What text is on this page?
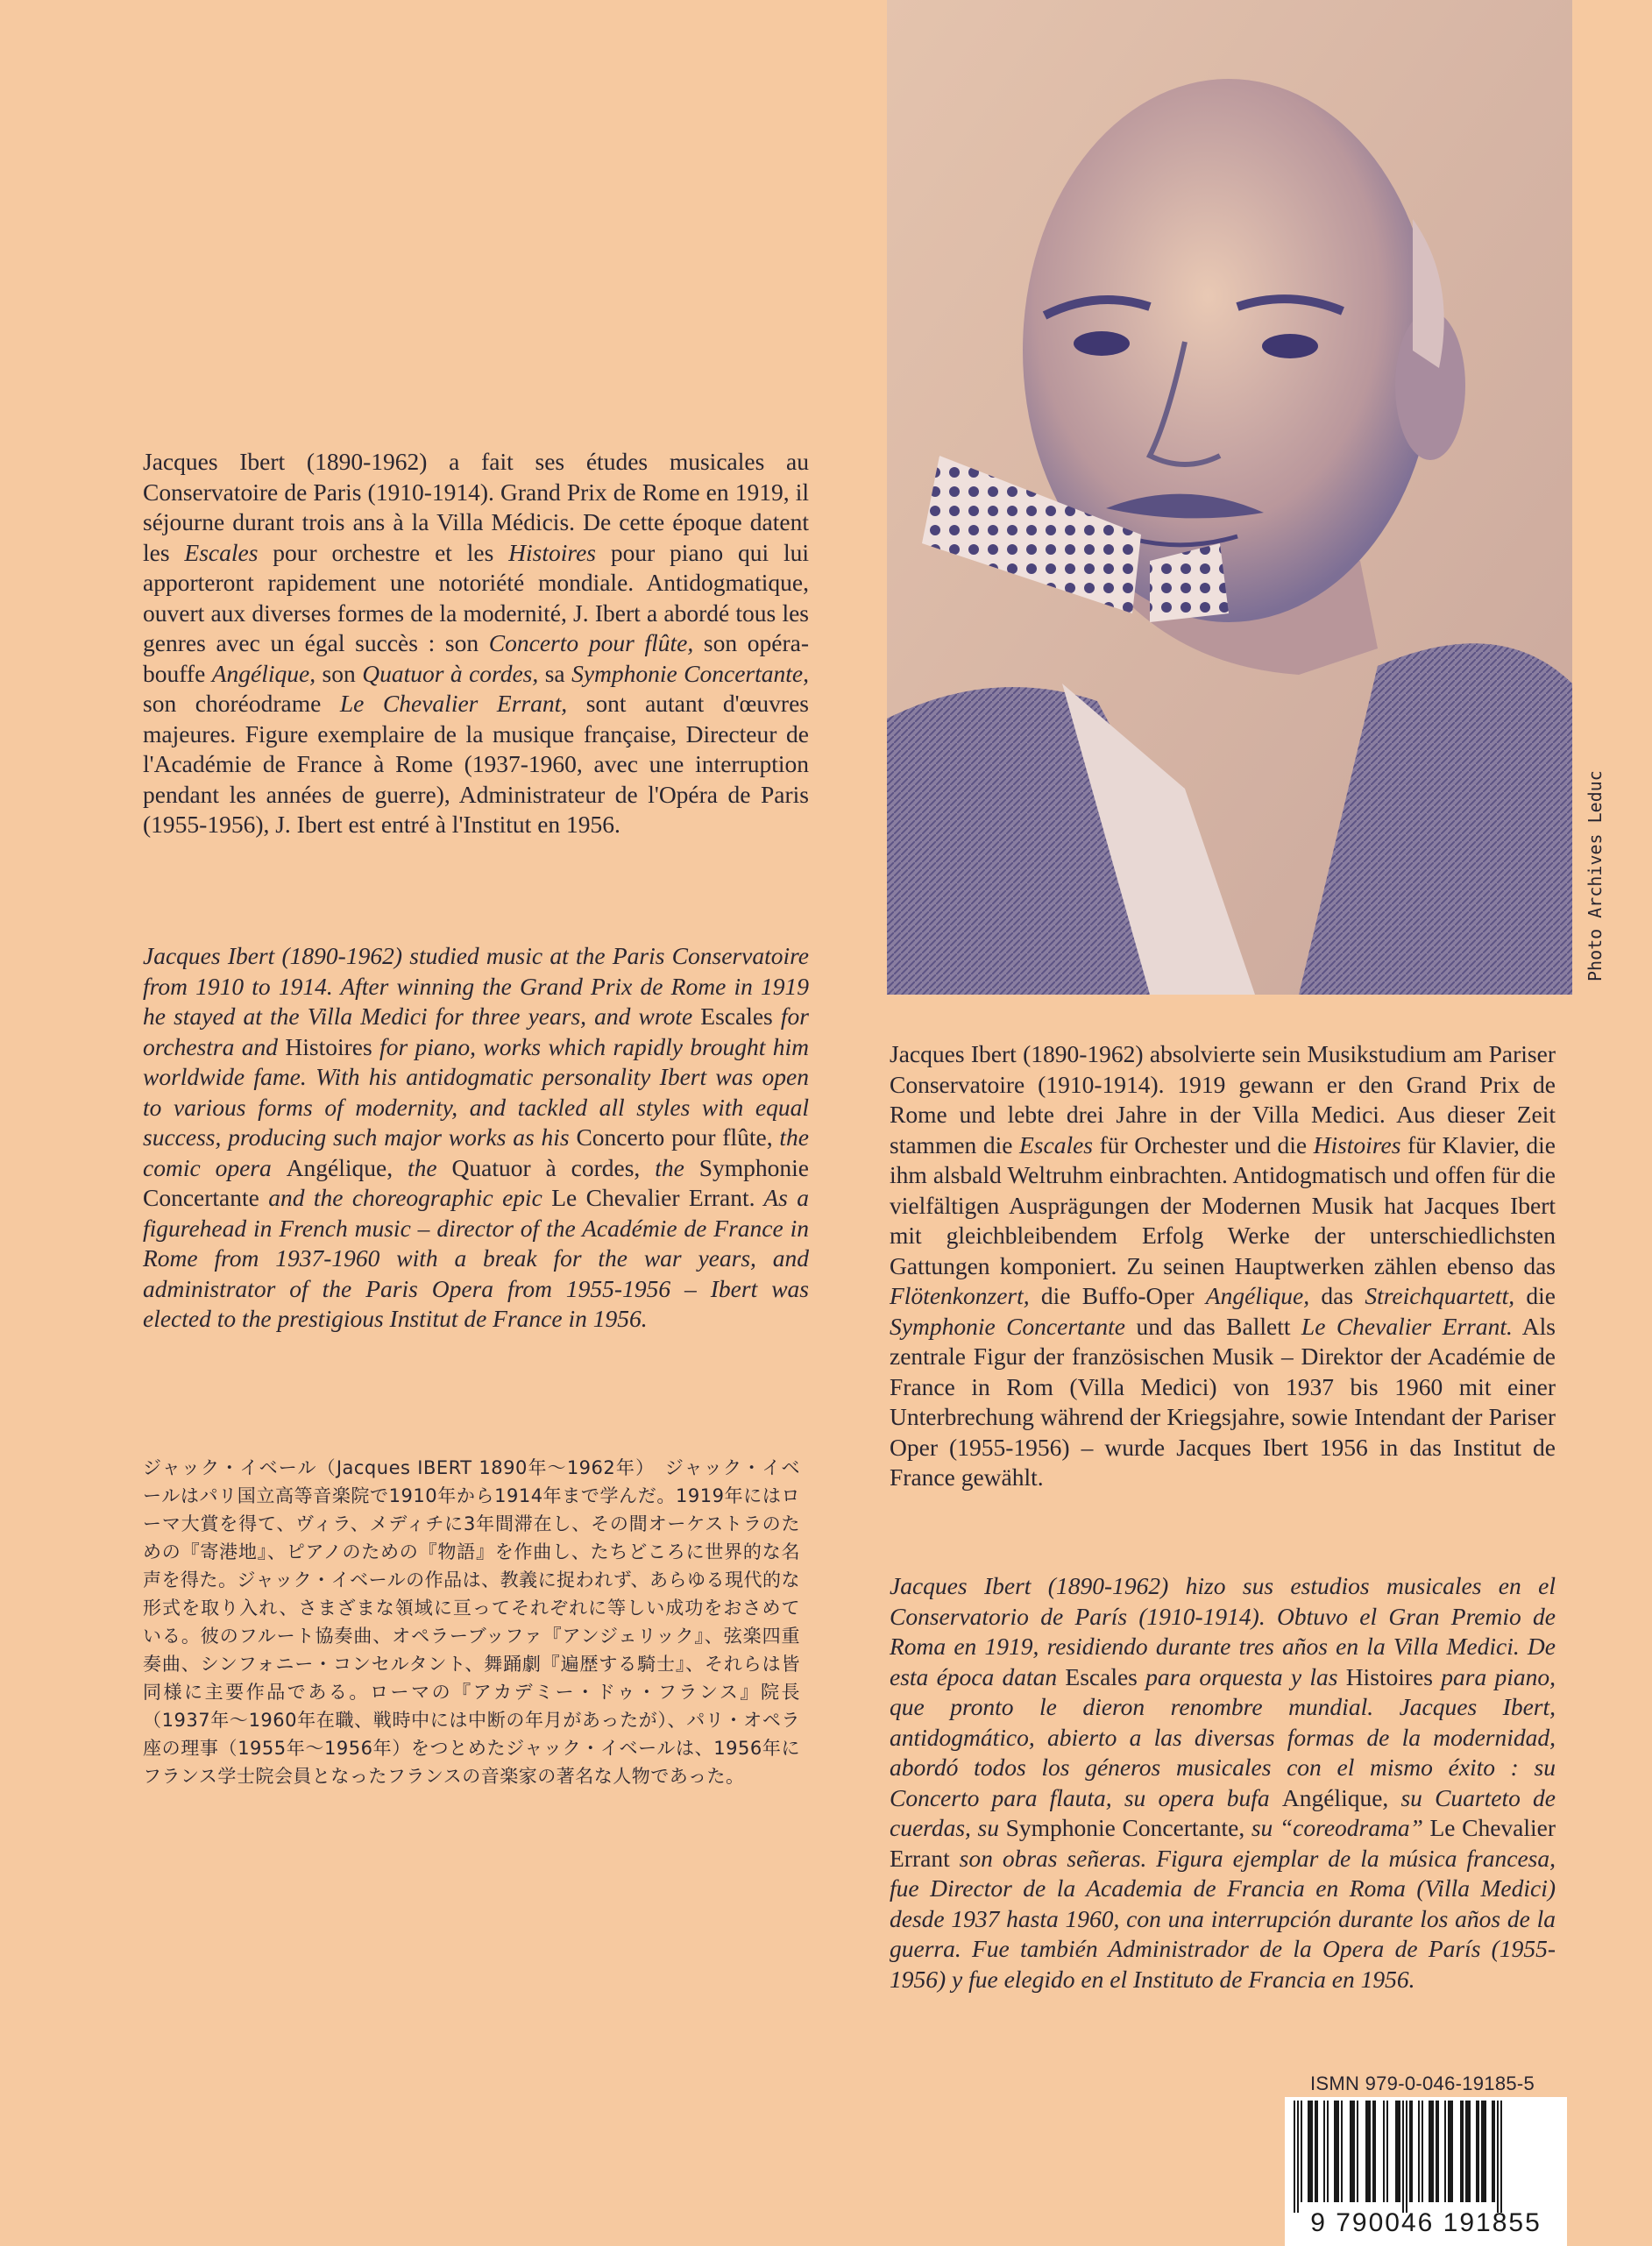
Jacques Ibert (1890-1962) a fait ses études musicales au Conservatoire de Paris (1910-1914). Grand Prix de Rome en 1919, il séjourne durant trois ans à la Villa Médicis. De cette époque datent les Escales pour orchestre et les Histoires pour piano qui lui apporteront rapidement une notoriété mondiale. Antidogmatique, ouvert aux diverses formes de la modernité, J. Ibert a abordé tous les genres avec un égal succès : son Concerto pour flûte, son opéra-bouffe Angélique, son Quatuor à cordes, sa Symphonie Concertante, son choréodrame Le Chevalier Errant, sont autant d'œuvres majeures. Figure exemplaire de la musique française, Directeur de l'Académie de France à Rome (1937-1960, avec une interruption pendant les années de guerre), Administrateur de l'Opéra de Paris (1955-1956), J. Ibert est entré à l'Institut en 1956.

Jacques Ibert (1890-1962) studied music at the Paris Conservatoire from 1910 to 1914. After winning the Grand Prix de Rome in 1919 he stayed at the Villa Medici for three years, and wrote Escales for orchestra and Histoires for piano, works which rapidly brought him worldwide fame. With his antidogmatic personality Ibert was open to various forms of modernity, and tackled all styles with equal success, producing such major works as his Concerto pour flûte, the comic opera Angélique, the Quatuor à cordes, the Symphonie Concertante and the choreographic epic Le Chevalier Errant. As a figurehead in French music – director of the Académie de France in Rome from 1937-1960 with a break for the war years, and administrator of the Paris Opera from 1955-1956 – Ibert was elected to the prestigious Institut de France in 1956.

ジャック・イベール（Jacques IBERT 1890年〜1962年）　ジャック・イベールはパリ国立高等音楽院で1910年から1914年まで学んだ。1919年にはローマ大賞を得て、ヴィラ、メディチに3年間滞在し、その間オーケストラのための『寄港地』、ピアノのための『物語』を作曲し、たちどころに世界的な名声を得た。ジャック・イベールの作品は、教義に捉われず、あらゆる現代的な形式を取り入れ、さまざまな領域に亘ってそれぞれに等しい成功をおさめている。彼のフルート協奏曲、オペラーブッファ『アンジェリック』、弦楽四重奏曲、シンフォニー・コンセルタント、舞踊劇『遍歴する騎士』、それらは皆同様に主要作品である。ローマの『アカデミー・ドゥ・フランス』院長（1937年〜1960年在職、戦時中には中断の年月があったが）、パリ・オペラ座の理事（1955年〜1956年）をつとめたジャック・イベールは、1956年にフランス学士院会員となったフランスの音楽家の著名な人物であった。

Jacques Ibert (1890-1962) absolvierte sein Musikstudium am Pariser Conservatoire (1910-1914). 1919 gewann er den Grand Prix de Rome und lebte drei Jahre in der Villa Medici. Aus dieser Zeit stammen die Escales für Orchester und die Histoires für Klavier, die ihm alsbald Weltruhm einbrachten. Antidogmatisch und offen für die vielfältigen Ausprägungen der Modernen Musik hat Jacques Ibert mit gleichbleibendem Erfolg Werke der unterschiedlichsten Gattungen komponiert. Zu seinen Hauptwerken zählen ebenso das Flötenkonzert, die Buffo-Oper Angélique, das Streichquartett, die Symphonie Concertante und das Ballett Le Chevalier Errant. Als zentrale Figur der französischen Musik – Direktor der Académie de France in Rom (Villa Medici) von 1937 bis 1960 mit einer Unterbrechung während der Kriegsjahre, sowie Intendant der Pariser Oper (1955-1956) – wurde Jacques Ibert 1956 in das Institut de France gewählt.

Jacques Ibert (1890-1962) hizo sus estudios musicales en el Conservatorio de París (1910-1914). Obtuvo el Gran Premio de Roma en 1919, residiendo durante tres años en la Villa Medici. De esta época datan Escales para orquesta y las Histoires para piano, que pronto le dieron renombre mundial. Jacques Ibert, antidogmático, abierto a las diversas formas de la modernidad, abordó todos los géneros musicales con el mismo éxito : su Concerto para flauta, su opera bufa Angélique, su Cuarteto de cuerdas, su Symphonie Concertante, su “coreodrama” Le Chevalier Errant son obras señeras. Figura ejemplar de la música francesa, fue Director de la Academia de Francia en Roma (Villa Medici) desde 1937 hasta 1960, con una interrupción durante los años de la guerra. Fue también Administrador de la Opera de París (1955-1956) y fue elegido en el Instituto de Francia en 1956.

Photo Archives Leduc
ISMN 979-0-046-19185-5
9 790046 191855
